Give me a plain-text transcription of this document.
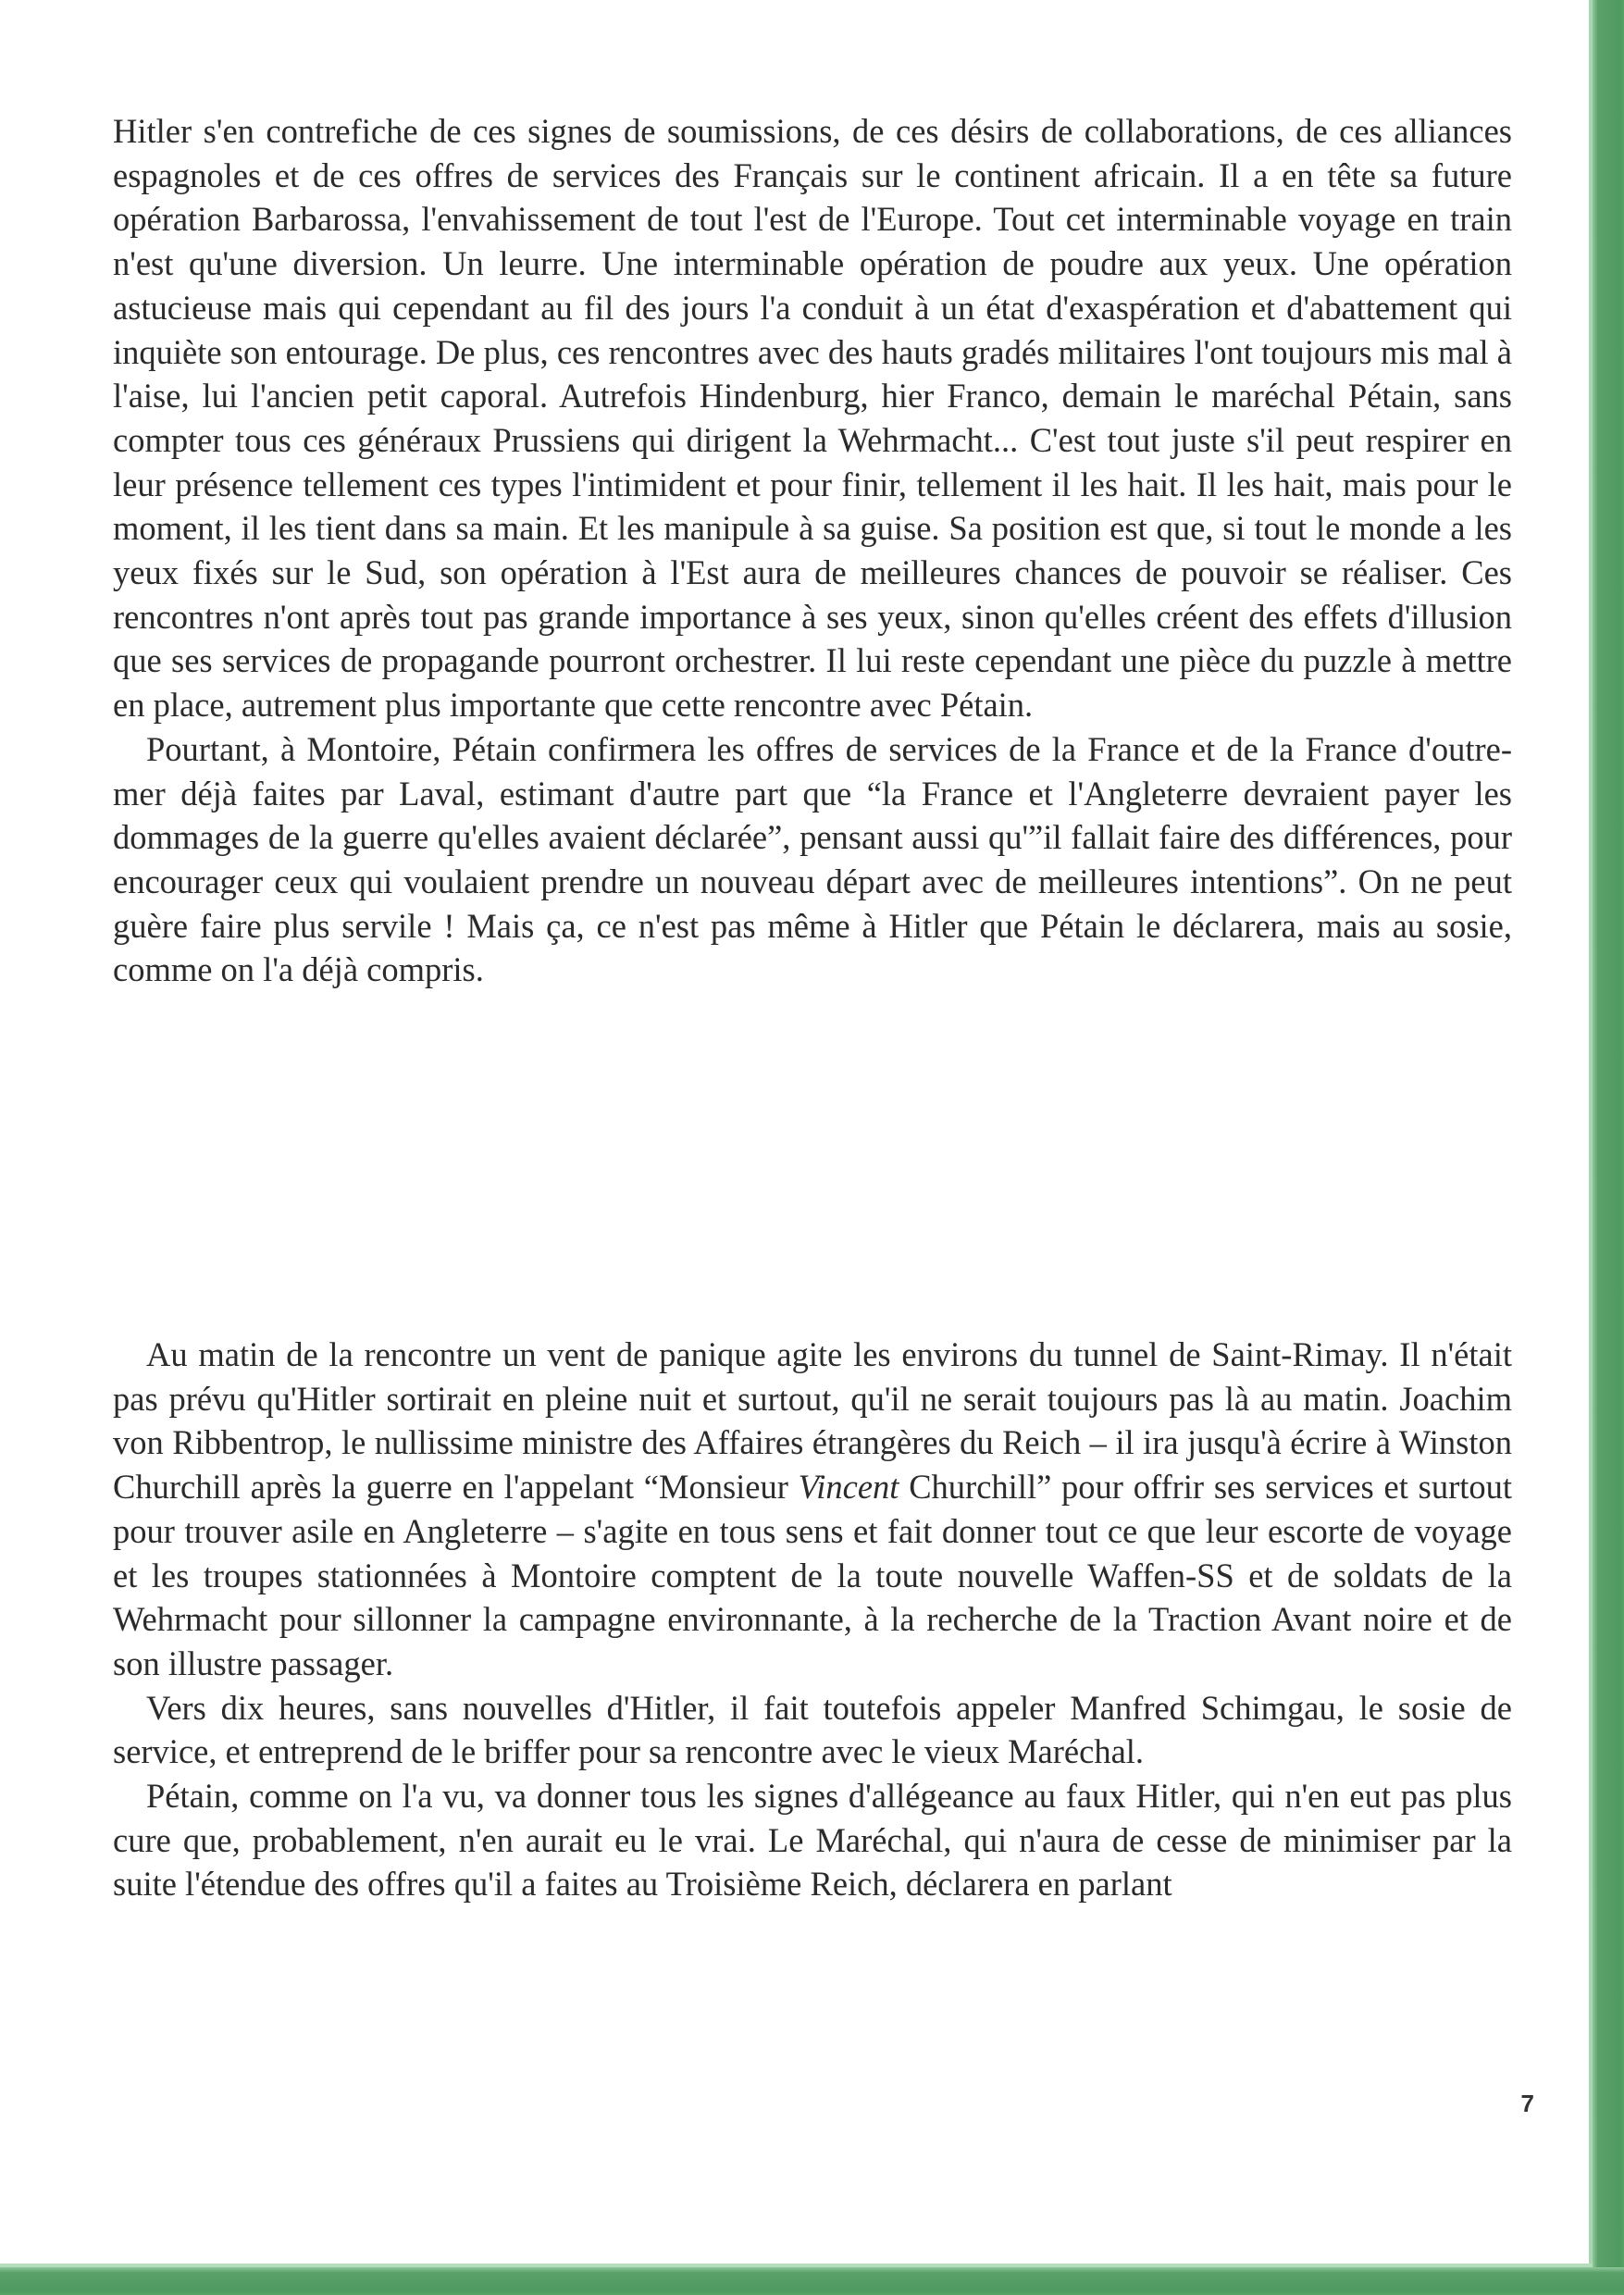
Hitler s'en contrefiche de ces signes de soumissions, de ces désirs de collaborations, de ces alliances espagnoles et de ces offres de services des Français sur le continent africain. Il a en tête sa future opération Barbarossa, l'envahissement de tout l'est de l'Europe. Tout cet interminable voyage en train n'est qu'une diversion. Un leurre. Une interminable opération de poudre aux yeux. Une opération astucieuse mais qui cependant au fil des jours l'a conduit à un état d'exaspération et d'abattement qui inquiète son entourage. De plus, ces rencontres avec des hauts gradés militaires l'ont toujours mis mal à l'aise, lui l'ancien petit caporal. Autrefois Hindenburg, hier Franco, demain le maréchal Pétain, sans compter tous ces généraux Prussiens qui dirigent la Wehrmacht... C'est tout juste s'il peut respirer en leur présence tellement ces types l'intimident et pour finir, tellement il les hait. Il les hait, mais pour le moment, il les tient dans sa main. Et les manipule à sa guise. Sa position est que, si tout le monde a les yeux fixés sur le Sud, son opération à l'Est aura de meilleures chances de pouvoir se réaliser. Ces rencontres n'ont après tout pas grande importance à ses yeux, sinon qu'elles créent des effets d'illusion que ses services de propagande pourront orchestrer. Il lui reste cependant une pièce du puzzle à mettre en place, autrement plus importante que cette rencontre avec Pétain.

Pourtant, à Montoire, Pétain confirmera les offres de services de la France et de la France d'outre-mer déjà faites par Laval, estimant d'autre part que “la France et l'Angleterre devraient payer les dommages de la guerre qu'elles avaient déclarée”, pensant aussi qu'”il fallait faire des différences, pour encourager ceux qui voulaient prendre un nouveau départ avec de meilleures intentions”. On ne peut guère faire plus servile ! Mais ça, ce n'est pas même à Hitler que Pétain le déclarera, mais au sosie, comme on l'a déjà compris.

Au matin de la rencontre un vent de panique agite les environs du tunnel de Saint-Rimay. Il n'était pas prévu qu'Hitler sortirait en pleine nuit et surtout, qu'il ne serait toujours pas là au matin. Joachim von Ribbentrop, le nullissime ministre des Affaires étrangères du Reich – il ira jusqu'à écrire à Winston Churchill après la guerre en l'appelant “Monsieur Vincent Churchill” pour offrir ses services et surtout pour trouver asile en Angleterre – s'agite en tous sens et fait donner tout ce que leur escorte de voyage et les troupes stationnées à Montoire comptent de la toute nouvelle Waffen-SS et de soldats de la Wehrmacht pour sillonner la campagne environnante, à la recherche de la Traction Avant noire et de son illustre passager.

Vers dix heures, sans nouvelles d'Hitler, il fait toutefois appeler Manfred Schimgau, le sosie de service, et entreprend de le briffer pour sa rencontre avec le vieux Maréchal.

Pétain, comme on l'a vu, va donner tous les signes d'allégeance au faux Hitler, qui n'en eut pas plus cure que, probablement, n'en aurait eu le vrai. Le Maréchal, qui n'aura de cesse de minimiser par la suite l'étendue des offres qu'il a faites au Troisième Reich, déclarera en parlant

7
